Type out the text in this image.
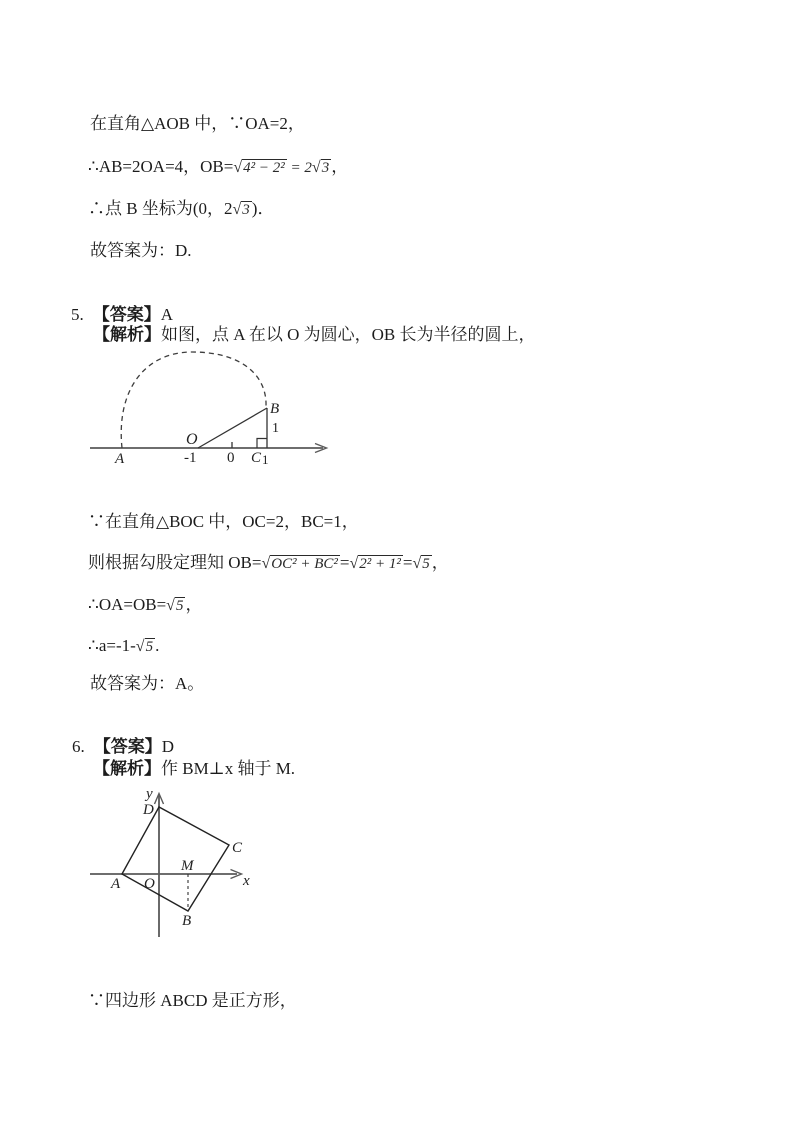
在直角△AOB 中，∵OA=2，

∴AB=2OA=4，OB=√4² − 2² = 2√3 ，

∴点 B 坐标为(0，2√3 )．

故答案为：D.

5. 【答案】A

【解析】如图，点 A 在以 O 为圆心，OB 长为半径的圆上，

O
B
A	-1 0 C 1
1

∵在直角△BOC 中，OC=2，BC=1，

则根据勾股定理知 OB=√OC² + BC² =√2² + 1² =√5 ，

∴OA=OB=√5 ，

∴a=-1-√5 .

故答案为：A。

6. 【答案】D

【解析】作 BM⊥x 轴于 M.

y
x
D
C
M
B
A O

∵四边形 ABCD 是正方形，
